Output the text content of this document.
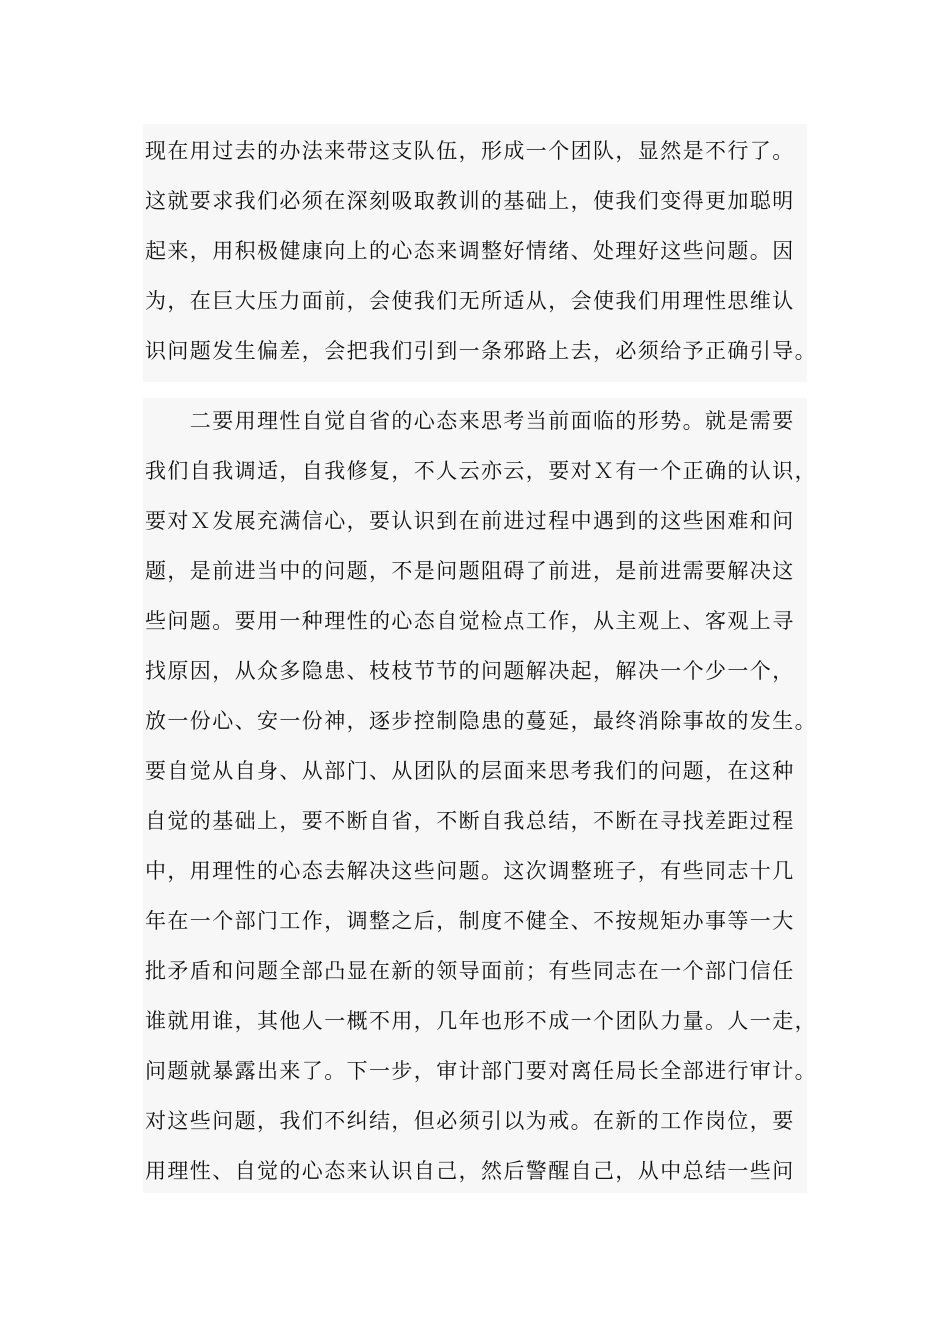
现在用过去的办法来带这支队伍，形成一个团队，显然是不行了。
这就要求我们必须在深刻吸取教训的基础上，使我们变得更加聪明
起来，用积极健康向上的心态来调整好情绪、处理好这些问题。因
为，在巨大压力面前，会使我们无所适从，会使我们用理性思维认
识问题发生偏差，会把我们引到一条邪路上去，必须给予正确引导。
　　二要用理性自觉自省的心态来思考当前面临的形势。就是需要
我们自我调适，自我修复，不人云亦云，要对Ｘ有一个正确的认识，
要对Ｘ发展充满信心，要认识到在前进过程中遇到的这些困难和问
题，是前进当中的问题，不是问题阻碍了前进，是前进需要解决这
些问题。要用一种理性的心态自觉检点工作，从主观上、客观上寻
找原因，从众多隐患、枝枝节节的问题解决起，解决一个少一个，
放一份心、安一份神，逐步控制隐患的蔓延，最终消除事故的发生。
要自觉从自身、从部门、从团队的层面来思考我们的问题，在这种
自觉的基础上，要不断自省，不断自我总结，不断在寻找差距过程
中，用理性的心态去解决这些问题。这次调整班子，有些同志十几
年在一个部门工作，调整之后，制度不健全、不按规矩办事等一大
批矛盾和问题全部凸显在新的领导面前；有些同志在一个部门信任
谁就用谁，其他人一概不用，几年也形不成一个团队力量。人一走，
问题就暴露出来了。下一步，审计部门要对离任局长全部进行审计。
对这些问题，我们不纠结，但必须引以为戒。在新的工作岗位，要
用理性、自觉的心态来认识自己，然后警醒自己，从中总结一些问
